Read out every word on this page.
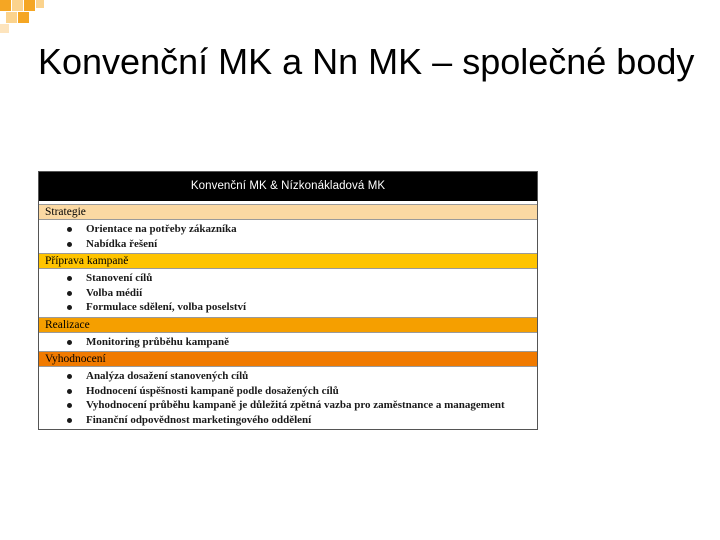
Konvenční MK a Nn MK – společné body
Konvenční MK & Nízkonákladová MK
Strategie
Orientace na potřeby zákazníka
Nabídka řešení
Příprava kampaně
Stanovení cílů
Volba médií
Formulace sdělení, volba poselství
Realizace
Monitoring průběhu kampaně
Vyhodnocení
Analýza dosažení stanovených cílů
Hodnocení úspěšnosti kampaně podle dosažených cílů
Vyhodnocení průběhu kampaně je důležitá zpětná vazba pro zaměstnance a management
Finanční odpovědnost marketingového oddělení
